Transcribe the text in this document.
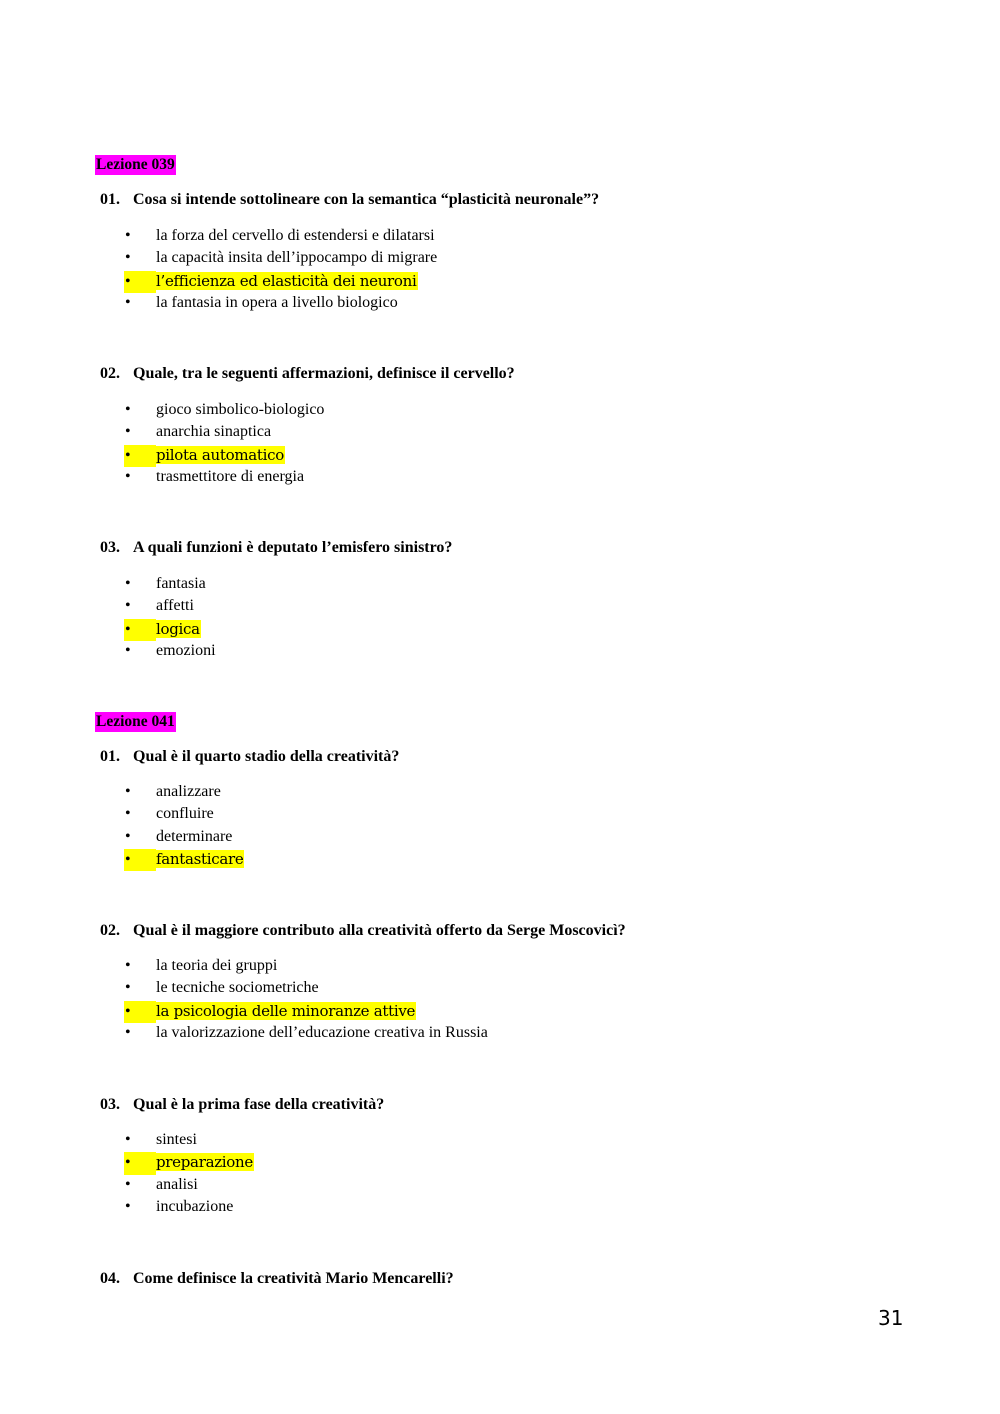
Lezione 039
01. Cosa si intende sottolineare con la semantica “plasticità neuronale”?
• la forza del cervello di estendersi e dilatarsi
• la capacità insita dell’ippocampo di migrare
• l’efficienza ed elasticità dei neuroni
• la fantasia in opera a livello biologico
02. Quale, tra le seguenti affermazioni, definisce il cervello?
• gioco simbolico-biologico
• anarchia sinaptica
• pilota automatico
• trasmettitore di energia
03. A quali funzioni è deputato l’emisfero sinistro?
• fantasia
• affetti
• logica
• emozioni
Lezione 041
01. Qual è il quarto stadio della creatività?
• analizzare
• confluire
• determinare
• fantasticare
02. Qual è il maggiore contributo alla creatività offerto da Serge Moscovicì?
• la teoria dei gruppi
• le tecniche sociometriche
• la psicologia delle minoranze attive
• la valorizzazione dell’educazione creativa in Russia
03. Qual è la prima fase della creatività?
• sintesi
• preparazione
• analisi
• incubazione
04. Come definisce la creatività Mario Mencarelli?
31
